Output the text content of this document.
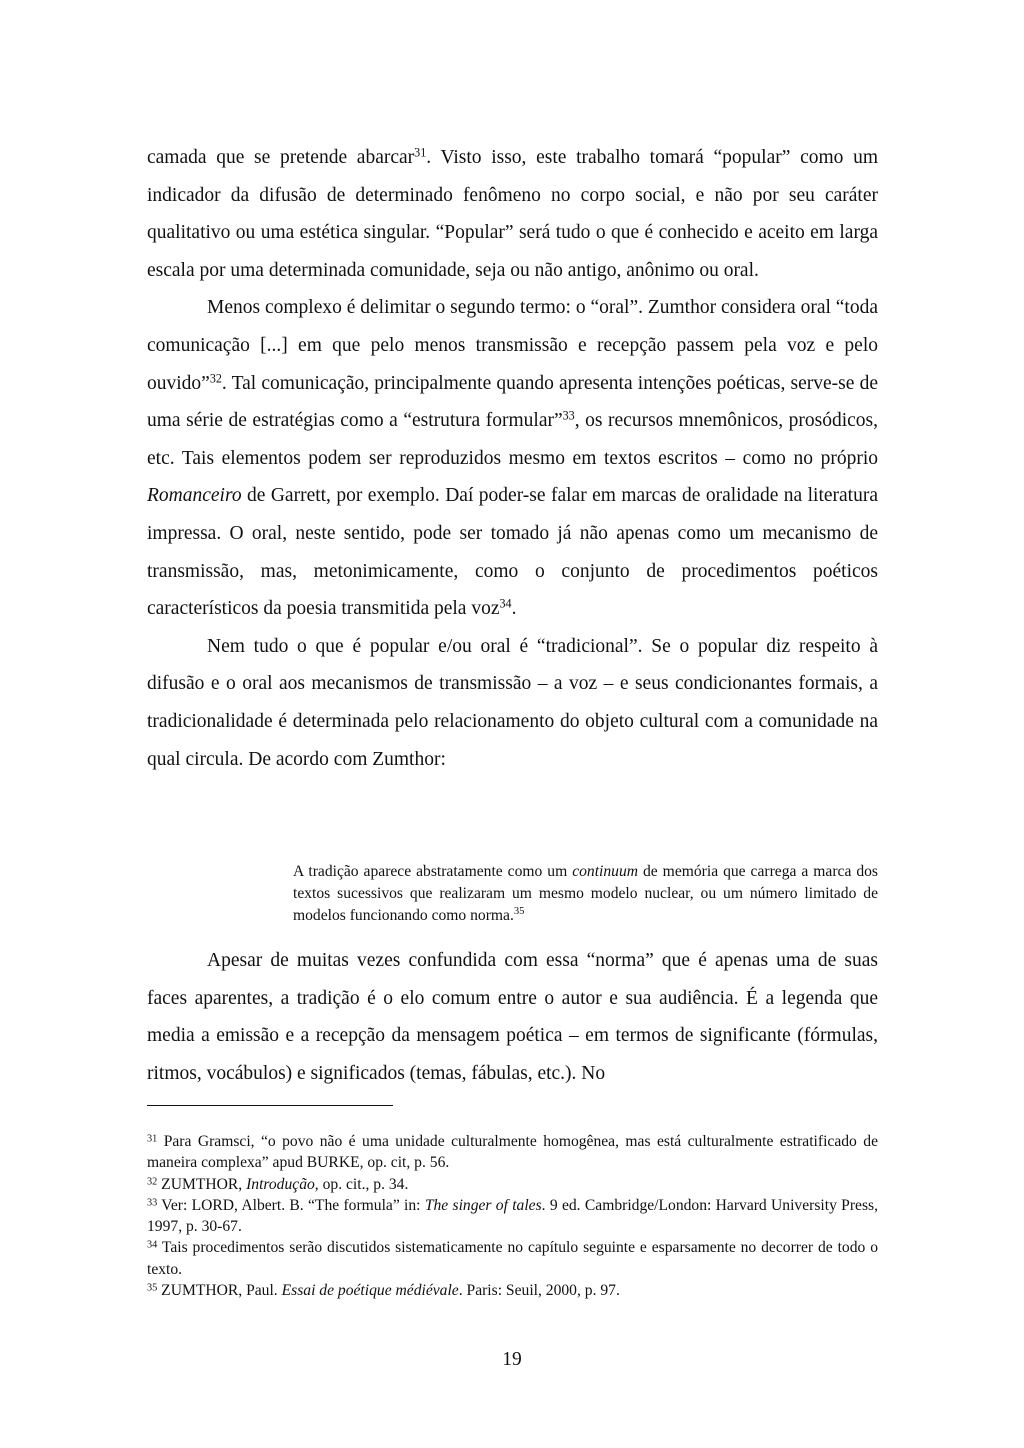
camada que se pretende abarcar$^{31}$. Visto isso, este trabalho tomará “popular” como um indicador da difusão de determinado fenômeno no corpo social, e não por seu caráter qualitativo ou uma estética singular. “Popular” será tudo o que é conhecido e aceito em larga escala por uma determinada comunidade, seja ou não antigo, anônimo ou oral.

Menos complexo é delimitar o segundo termo: o “oral”. Zumthor considera oral “toda comunicação [...] em que pelo menos transmissão e recepção passem pela voz e pelo ouvido”$^{32}$. Tal comunicação, principalmente quando apresenta intenções poéticas, serve-se de uma série de estratégias como a “estrutura formular”$^{33}$, os recursos mnemônicos, prosódicos, etc. Tais elementos podem ser reproduzidos mesmo em textos escritos – como no próprio Romanceiro de Garrett, por exemplo. Daí poder-se falar em marcas de oralidade na literatura impressa. O oral, neste sentido, pode ser tomado já não apenas como um mecanismo de transmissão, mas, metonimicamente, como o conjunto de procedimentos poéticos característicos da poesia transmitida pela voz$^{34}$.

Nem tudo o que é popular e/ou oral é “tradicional”. Se o popular diz respeito à difusão e o oral aos mecanismos de transmissão – a voz – e seus condicionantes formais, a tradicionalidade é determinada pelo relacionamento do objeto cultural com a comunidade na qual circula. De acordo com Zumthor:

A tradição aparece abstratamente como um continuum de memória que carrega a marca dos textos sucessivos que realizaram um mesmo modelo nuclear, ou um número limitado de modelos funcionando como norma.$^{35}$

Apesar de muitas vezes confundida com essa “norma” que é apenas uma de suas faces aparentes, a tradição é o elo comum entre o autor e sua audiência. É a legenda que media a emissão e a recepção da mensagem poética – em termos de significante (fórmulas, ritmos, vocábulos) e significados (temas, fábulas, etc.). No

$^{31}$ Para Gramsci, “o povo não é uma unidade culturalmente homogênea, mas está culturalmente estratificado de maneira complexa” apud BURKE, op. cit, p. 56.

$^{32}$ ZUMTHOR, Introdução, op. cit., p. 34.

$^{33}$ Ver: LORD, Albert. B. “The formula” in: The singer of tales. 9 ed. Cambridge/London: Harvard University Press, 1997, p. 30-67.

$^{34}$ Tais procedimentos serão discutidos sistematicamente no capítulo seguinte e esparsamente no decorrer de todo o texto.

$^{35}$ ZUMTHOR, Paul. Essai de poétique médiévale. Paris: Seuil, 2000, p. 97.

19
